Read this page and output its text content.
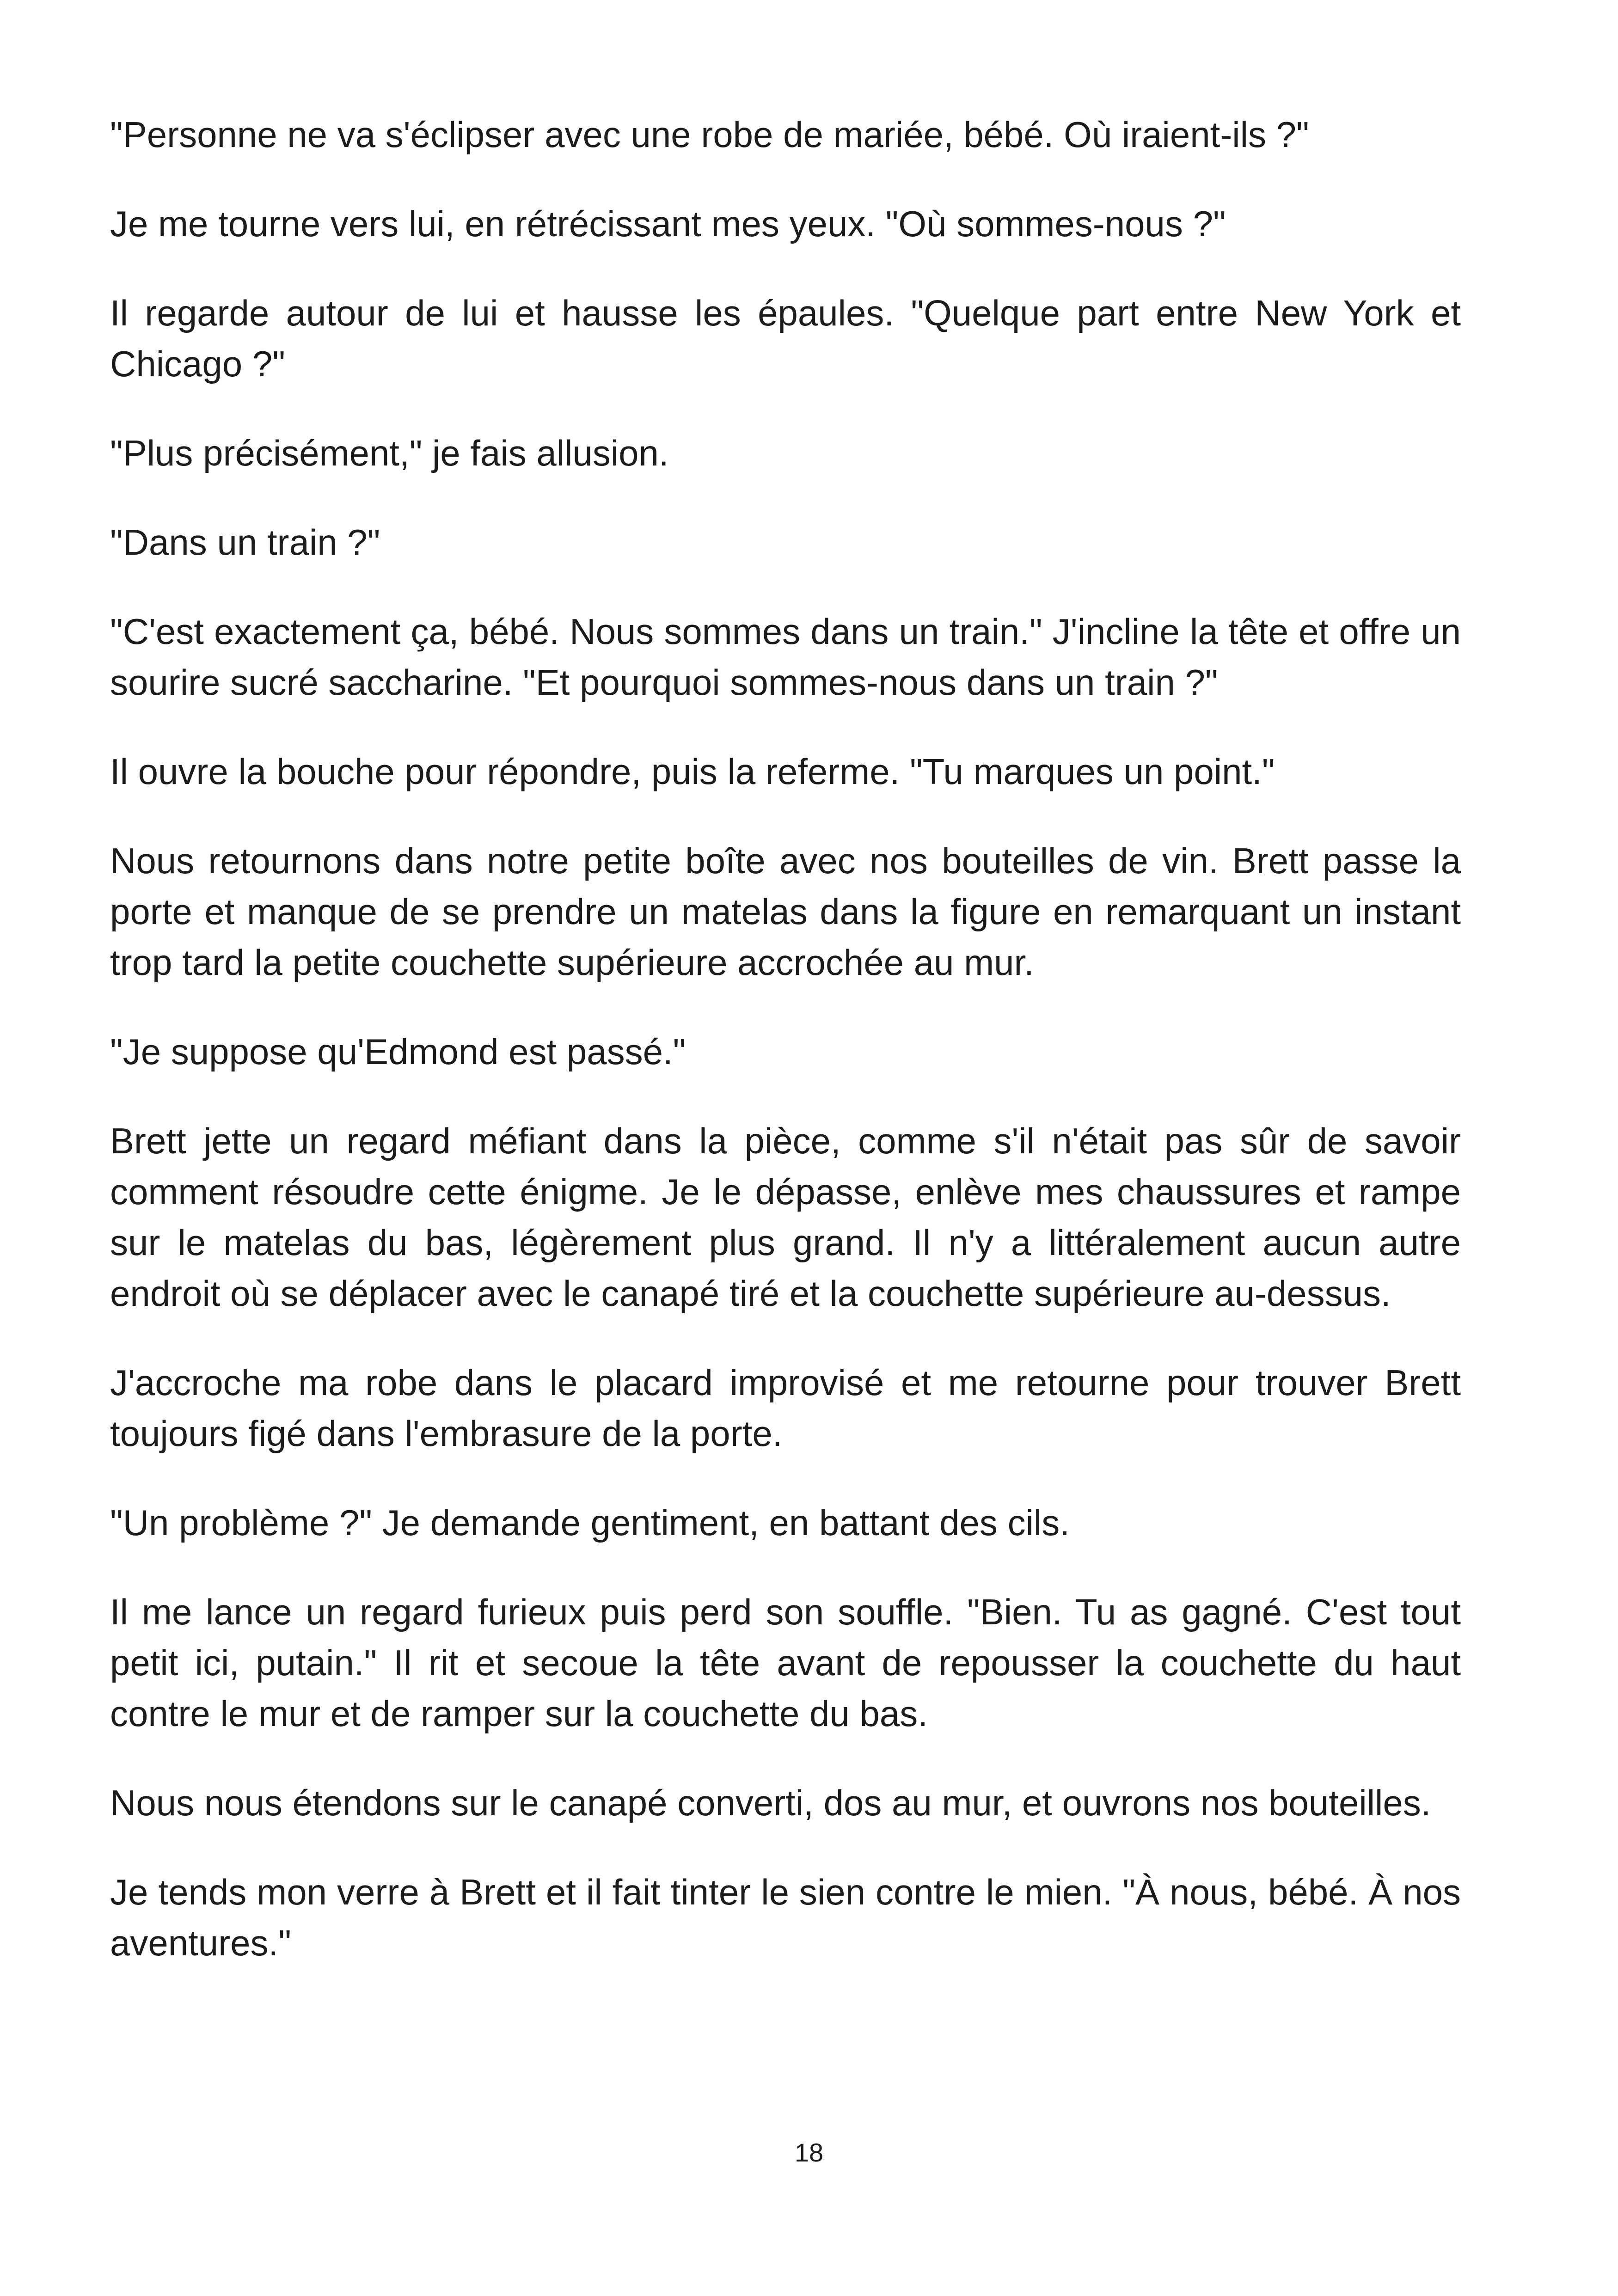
"Personne ne va s'éclipser avec une robe de mariée, bébé. Où iraient-ils ?"

Je me tourne vers lui, en rétrécissant mes yeux. "Où sommes-nous ?"

Il regarde autour de lui et hausse les épaules. "Quelque part entre New York et Chicago ?"

"Plus précisément," je fais allusion.

"Dans un train ?"

"C'est exactement ça, bébé. Nous sommes dans un train." J'incline la tête et offre un sourire sucré saccharine. "Et pourquoi sommes-nous dans un train ?"

Il ouvre la bouche pour répondre, puis la referme. "Tu marques un point."

Nous retournons dans notre petite boîte avec nos bouteilles de vin. Brett passe la porte et manque de se prendre un matelas dans la figure en remarquant un instant trop tard la petite couchette supérieure accrochée au mur.

"Je suppose qu'Edmond est passé."

Brett jette un regard méfiant dans la pièce, comme s'il n'était pas sûr de savoir comment résoudre cette énigme. Je le dépasse, enlève mes chaussures et rampe sur le matelas du bas, légèrement plus grand. Il n'y a littéralement aucun autre endroit où se déplacer avec le canapé tiré et la couchette supérieure au-dessus.

J'accroche ma robe dans le placard improvisé et me retourne pour trouver Brett toujours figé dans l'embrasure de la porte.

"Un problème ?" Je demande gentiment, en battant des cils.

Il me lance un regard furieux puis perd son souffle. "Bien. Tu as gagné. C'est tout petit ici, putain." Il rit et secoue la tête avant de repousser la couchette du haut contre le mur et de ramper sur la couchette du bas.

Nous nous étendons sur le canapé converti, dos au mur, et ouvrons nos bouteilles.

Je tends mon verre à Brett et il fait tinter le sien contre le mien. "À nous, bébé. À nos aventures."

18
